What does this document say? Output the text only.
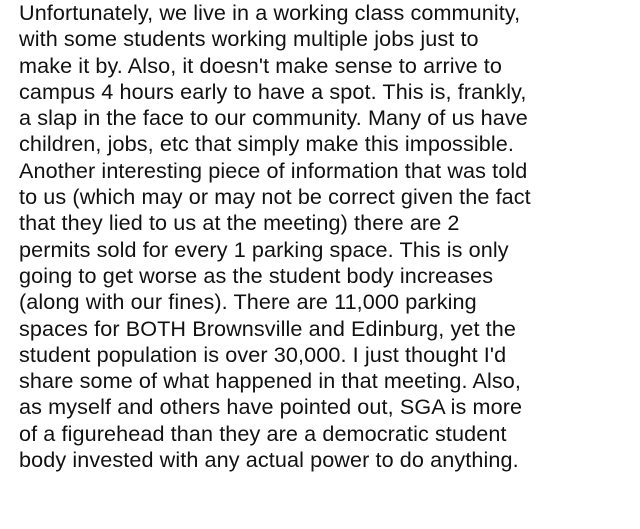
Unfortunately, we live in a working class community,
with some students working multiple jobs just to
make it by. Also, it doesn't make sense to arrive to
campus 4 hours early to have a spot. This is, frankly,
a slap in the face to our community. Many of us have
children, jobs, etc that simply make this impossible.
Another interesting piece of information that was told
to us (which may or may not be correct given the fact
that they lied to us at the meeting) there are 2
permits sold for every 1 parking space. This is only
going to get worse as the student body increases
(along with our fines). There are 11,000 parking
spaces for BOTH Brownsville and Edinburg, yet the
student population is over 30,000. I just thought I'd
share some of what happened in that meeting. Also,
as myself and others have pointed out, SGA is more
of a figurehead than they are a democratic student
body invested with any actual power to do anything.
